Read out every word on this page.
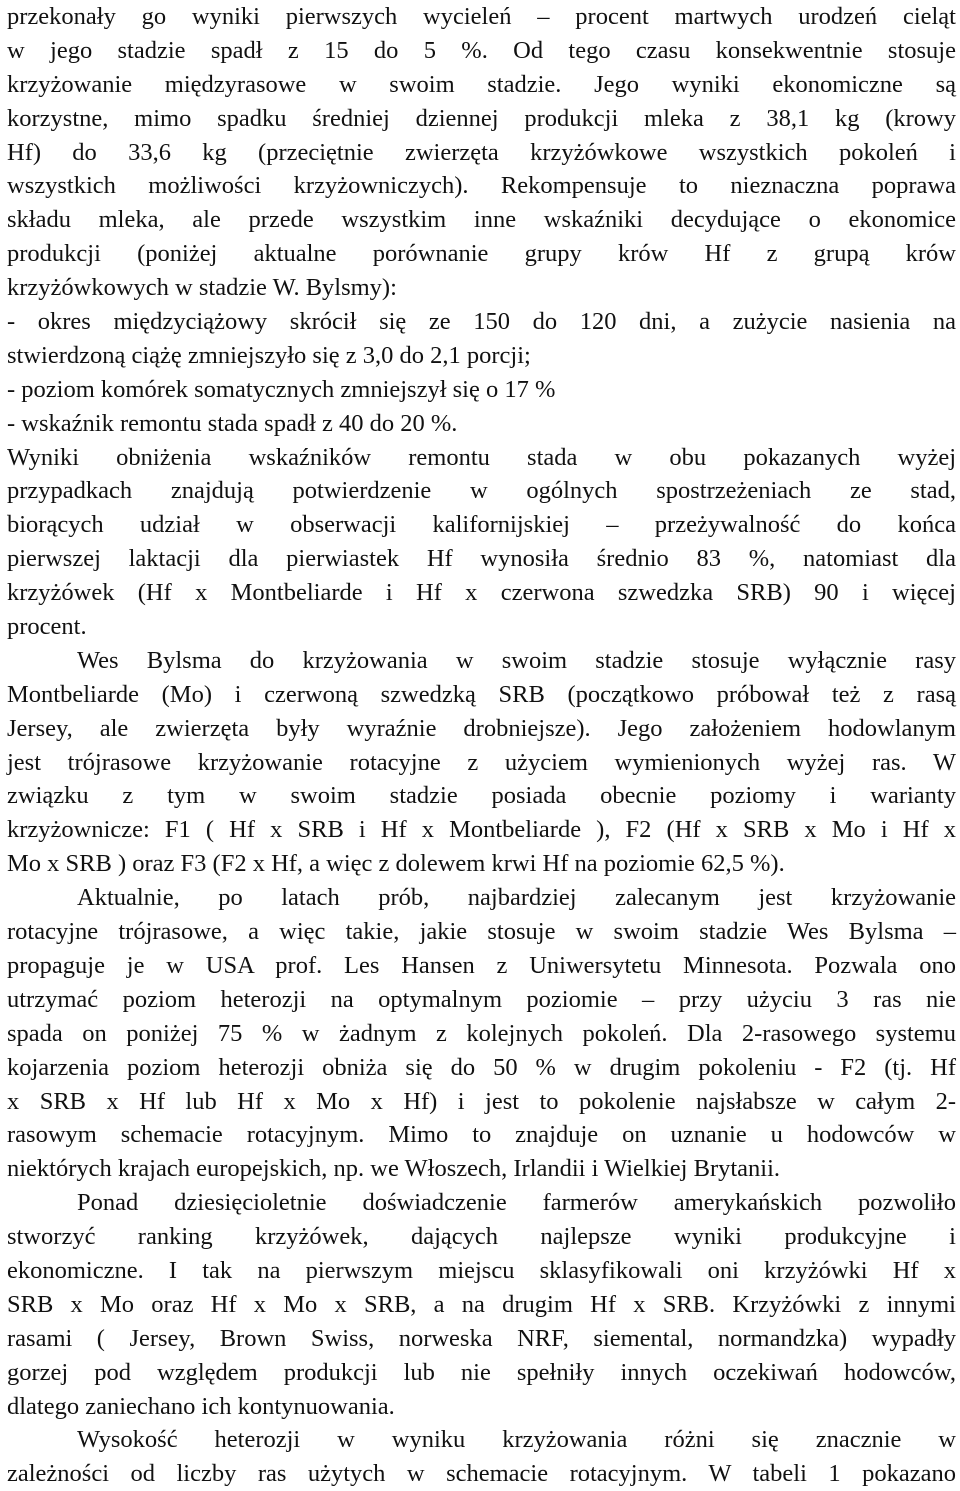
przekonały go wyniki pierwszych wycieleń – procent martwych urodzeń cieląt
w jego stadzie spadł z 15 do 5 %. Od tego czasu konsekwentnie stosuje
krzyżowanie międzyrasowe w swoim stadzie. Jego wyniki ekonomiczne są
korzystne, mimo spadku średniej dziennej produkcji mleka z 38,1 kg (krowy
Hf) do 33,6 kg (przeciętnie zwierzęta krzyżówkowe wszystkich pokoleń i
wszystkich możliwości krzyżowniczych). Rekompensuje to nieznaczna poprawa
składu mleka, ale przede wszystkim inne wskaźniki decydujące o ekonomice
produkcji (poniżej aktualne porównanie grupy krów Hf z grupą krów
krzyżówkowych w stadzie W. Bylsmy):
- okres międzyciążowy skrócił się ze 150 do 120 dni, a zużycie nasienia na
stwierdzoną ciążę zmniejszyło się z 3,0 do 2,1 porcji;
- poziom komórek somatycznych zmniejszył się o 17 %
- wskaźnik remontu stada spadł z 40 do 20 %.
Wyniki obniżenia wskaźników remontu stada w obu pokazanych wyżej
przypadkach znajdują potwierdzenie w ogólnych spostrzeżeniach ze stad,
biorących udział w obserwacji kalifornijskiej – przeżywalność do końca
pierwszej laktacji dla pierwiastek Hf wynosiła średnio 83 %, natomiast dla
krzyżówek (Hf x Montbeliarde i Hf x czerwona szwedzka SRB) 90 i więcej
procent.
Wes Bylsma do krzyżowania w swoim stadzie stosuje wyłącznie rasy
Montbeliarde (Mo) i czerwoną szwedzką SRB (początkowo próbował też z rasą
Jersey, ale zwierzęta były wyraźnie drobniejsze). Jego założeniem hodowlanym
jest trójrasowe krzyżowanie rotacyjne z użyciem wymienionych wyżej ras. W
związku z tym w swoim stadzie posiada obecnie poziomy i warianty
krzyżownicze: F1 ( Hf x SRB i Hf x Montbeliarde ), F2 (Hf x SRB x Mo i Hf x
Mo x SRB ) oraz F3 (F2 x Hf, a więc z dolewem krwi Hf na poziomie 62,5 %).
Aktualnie, po latach prób, najbardziej zalecanym jest krzyżowanie
rotacyjne trójrasowe, a więc takie, jakie stosuje w swoim stadzie Wes Bylsma –
propaguje je w USA prof. Les Hansen z Uniwersytetu Minnesota. Pozwala ono
utrzymać poziom heterozji na optymalnym poziomie – przy użyciu 3 ras nie
spada on poniżej 75 % w żadnym z kolejnych pokoleń. Dla 2-rasowego systemu
kojarzenia poziom heterozji obniża się do 50 % w drugim pokoleniu - F2 (tj. Hf
x SRB x Hf lub Hf x Mo x Hf) i jest to pokolenie najsłabsze w całym 2-
rasowym schemacie rotacyjnym. Mimo to znajduje on uznanie u hodowców w
niektórych krajach europejskich, np. we Włoszech, Irlandii i Wielkiej Brytanii.
Ponad dziesięcioletnie doświadczenie farmerów amerykańskich pozwoliło
stworzyć ranking krzyżówek, dających najlepsze wyniki produkcyjne i
ekonomiczne. I tak na pierwszym miejscu sklasyfikowali oni krzyżówki Hf x
SRB x Mo oraz Hf x Mo x SRB, a na drugim Hf x SRB. Krzyżówki z innymi
rasami ( Jersey, Brown Swiss, norweska NRF, siemental, normandzka) wypadły
gorzej pod względem produkcji lub nie spełniły innych oczekiwań hodowców,
dlatego zaniechano ich kontynuowania.
Wysokość heterozji w wyniku krzyżowania różni się znacznie w
zależności od liczby ras użytych w schemacie rotacyjnym. W tabeli 1 pokazano
